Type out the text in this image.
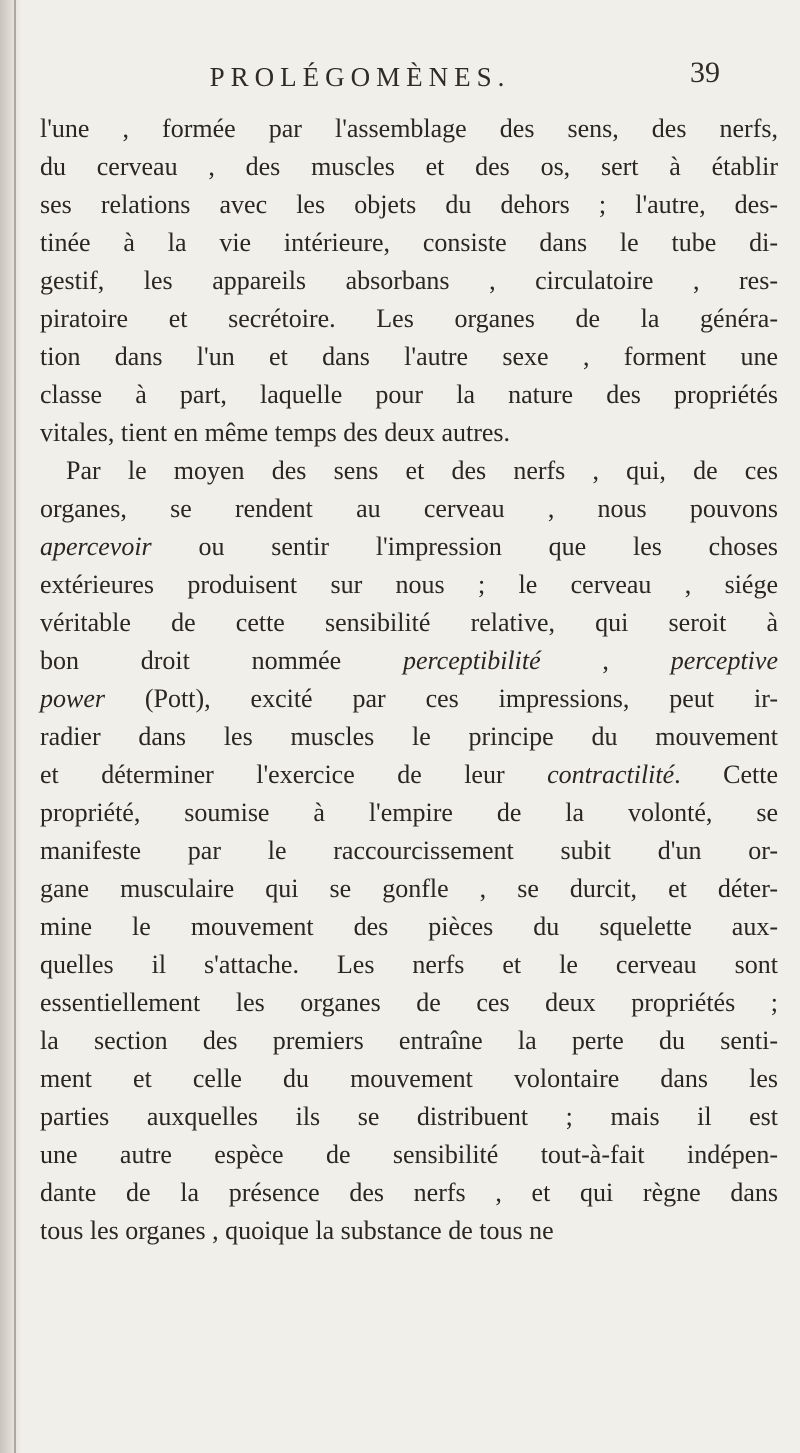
PROLÉGOMÈNES.	39
l'une , formée par l'assemblage des sens, des nerfs,
du cerveau , des muscles et des os, sert à établir
ses relations avec les objets du dehors ; l'autre, des-
tinée à la vie intérieure, consiste dans le tube di-
gestif, les appareils absorbans , circulatoire , res-
piratoire et secrétoire. Les organes de la généra-
tion dans l'un et dans l'autre sexe , forment une
classe à part, laquelle pour la nature des propriétés
vitales, tient en même temps des deux autres.
Par le moyen des sens et des nerfs , qui, de ces
organes, se rendent au cerveau , nous pouvons
apercevoir ou sentir l'impression que les choses
extérieures produisent sur nous ; le cerveau , siége
véritable de cette sensibilité relative, qui seroit à
bon droit nommée perceptibilité , perceptive
power (Pott), excité par ces impressions, peut ir-
radier dans les muscles le principe du mouvement
et déterminer l'exercice de leur contractilité. Cette
propriété, soumise à l'empire de la volonté, se
manifeste par le raccourcissement subit d'un or-
gane musculaire qui se gonfle , se durcit, et déter-
mine le mouvement des pièces du squelette aux-
quelles il s'attache. Les nerfs et le cerveau sont
essentiellement les organes de ces deux propriétés ;
la section des premiers entraîne la perte du senti-
ment et celle du mouvement volontaire dans les
parties auxquelles ils se distribuent ; mais il est
une autre espèce de sensibilité tout-à-fait indépen-
dante de la présence des nerfs , et qui règne dans
tous les organes , quoique la substance de tous ne
